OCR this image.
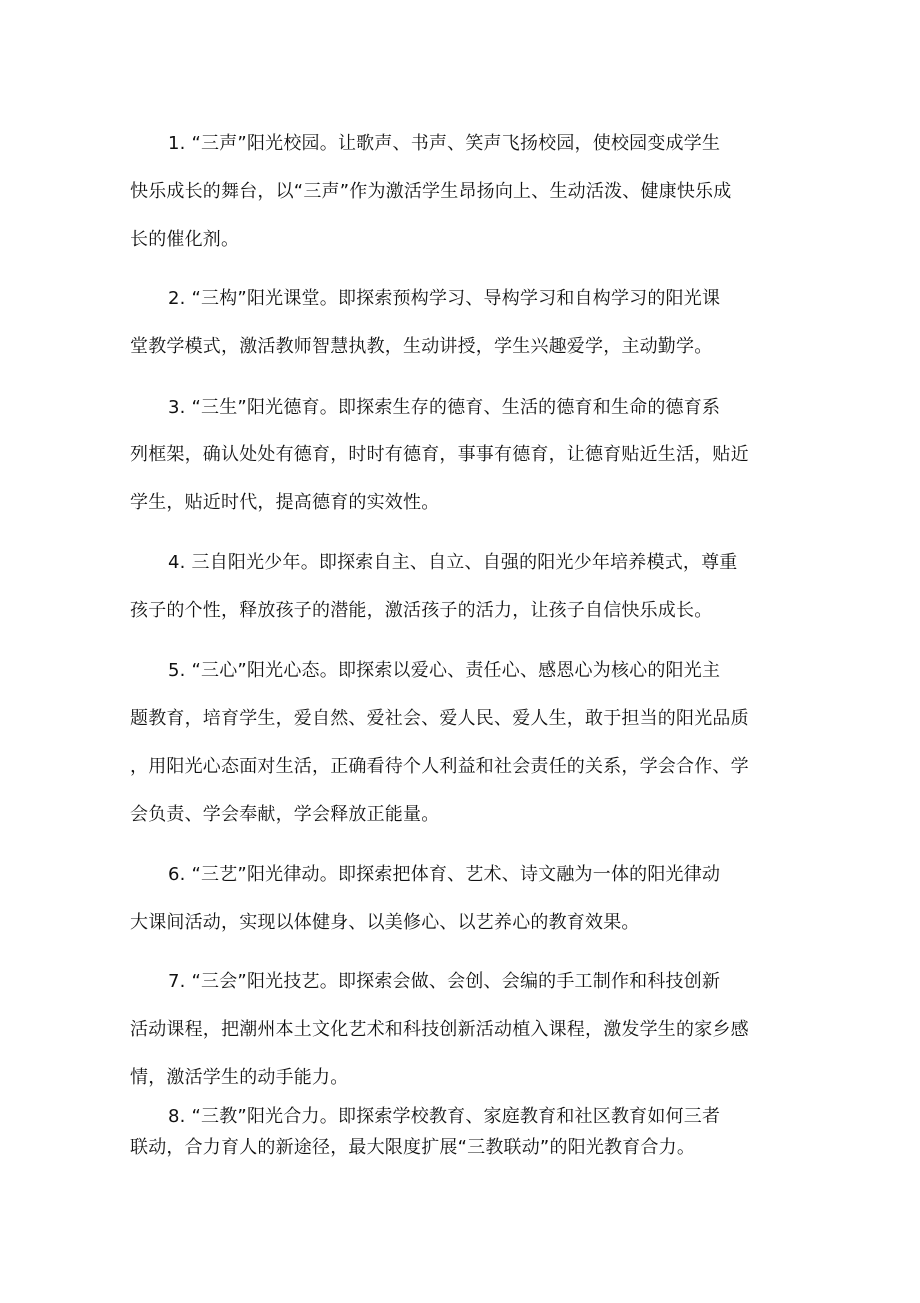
1. “三声”阳光校园。让歌声、书声、笑声飞扬校园，使校园变成学生
快乐成长的舞台，以“三声”作为激活学生昂扬向上、生动活泼、健康快乐成
长的催化剂。
2. “三构”阳光课堂。即探索预构学习、导构学习和自构学习的阳光课
堂教学模式，激活教师智慧执教，生动讲授，学生兴趣爱学，主动勤学。
3. “三生”阳光德育。即探索生存的德育、生活的德育和生命的德育系
列框架，确认处处有德育，时时有德育，事事有德育，让德育贴近生活，贴近
学生，贴近时代，提高德育的实效性。
4. 三自阳光少年。即探索自主、自立、自强的阳光少年培养模式，尊重
孩子的个性，释放孩子的潜能，激活孩子的活力，让孩子自信快乐成长。
5. “三心”阳光心态。即探索以爱心、责任心、感恩心为核心的阳光主
题教育，培育学生，爱自然、爱社会、爱人民、爱人生，敢于担当的阳光品质
，用阳光心态面对生活，正确看待个人利益和社会责任的关系，学会合作、学
会负责、学会奉献，学会释放正能量。
6. “三艺”阳光律动。即探索把体育、艺术、诗文融为一体的阳光律动
大课间活动，实现以体健身、以美修心、以艺养心的教育效果。
7. “三会”阳光技艺。即探索会做、会创、会编的手工制作和科技创新
活动课程，把潮州本土文化艺术和科技创新活动植入课程，激发学生的家乡感
情，激活学生的动手能力。
8. “三教”阳光合力。即探索学校教育、家庭教育和社区教育如何三者
联动，合力育人的新途径，最大限度扩展“三教联动”的阳光教育合力。
